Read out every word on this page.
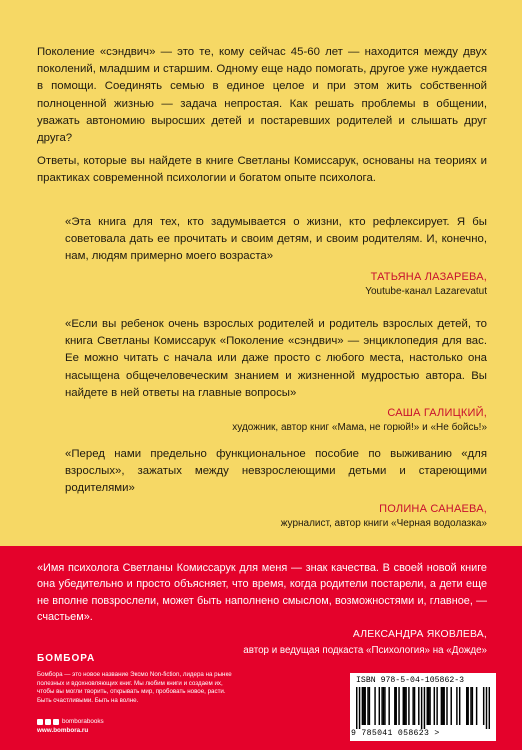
Поколение «сэндвич» — это те, кому сейчас 45-60 лет — находится между двух поколений, младшим и старшим. Одному еще надо помогать, другое уже нуждается в помощи. Соединять семью в единое целое и при этом жить собственной полноценной жизнью — задача непростая. Как решать проблемы в общении, уважать автономию выросших детей и постаревших родителей и слышать друг друга?

Ответы, которые вы найдете в книге Светланы Комиссарук, основаны на теориях и практиках современной психологии и богатом опыте психолога.

«Эта книга для тех, кто задумывается о жизни, кто рефлексирует. Я бы советовала дать ее прочитать и своим детям, и своим родителям. И, конечно, нам, людям примерно моего возраста»
ТАТЬЯНА ЛАЗАРЕВА,
Youtube-канал Lazarevatut
«Если вы ребенок очень взрослых родителей и родитель взрослых детей, то книга Светланы Комиссарук «Поколение «сэндвич» — энциклопедия для вас. Ее можно читать с начала или даже просто с любого места, настолько она насыщена общечеловеческим знанием и жизненной мудростью автора. Вы найдете в ней ответы на главные вопросы»
САША ГАЛИЦКИЙ,
художник, автор книг «Мама, не горюй!» и «Не бойсь!»
«Перед нами предельно функциональное пособие по выживанию «для взрослых», зажатых между невзрослеющими детьми и стареющими родителями»
ПОЛИНА САНАЕВА,
журналист, автор книги «Черная водолазка»
«Имя психолога Светланы Комиссарук для меня — знак качества. В своей новой книге она убедительно и просто объясняет, что время, когда родители постарели, а дети еще не вполне повзрослели, может быть наполнено смыслом, возможностями и, главное, — счастьем».
АЛЕКСАНДРА ЯКОВЛЕВА,
автор и ведущая подкаста «Психология» на «Дожде»
БОМБОРА
Бомбора — это новое название Эксмо Non-fiction, лидера на рынке полезных и вдохновляющих книг. Мы любим книги и создаем их, чтобы вы могли творить, открывать мир, пробовать новое, расти. Быть счастливыми. Быть на волне.
bomborabooks
www.bombora.ru
ISBN 978-5-04-105862-3
9 785041 058623 >
